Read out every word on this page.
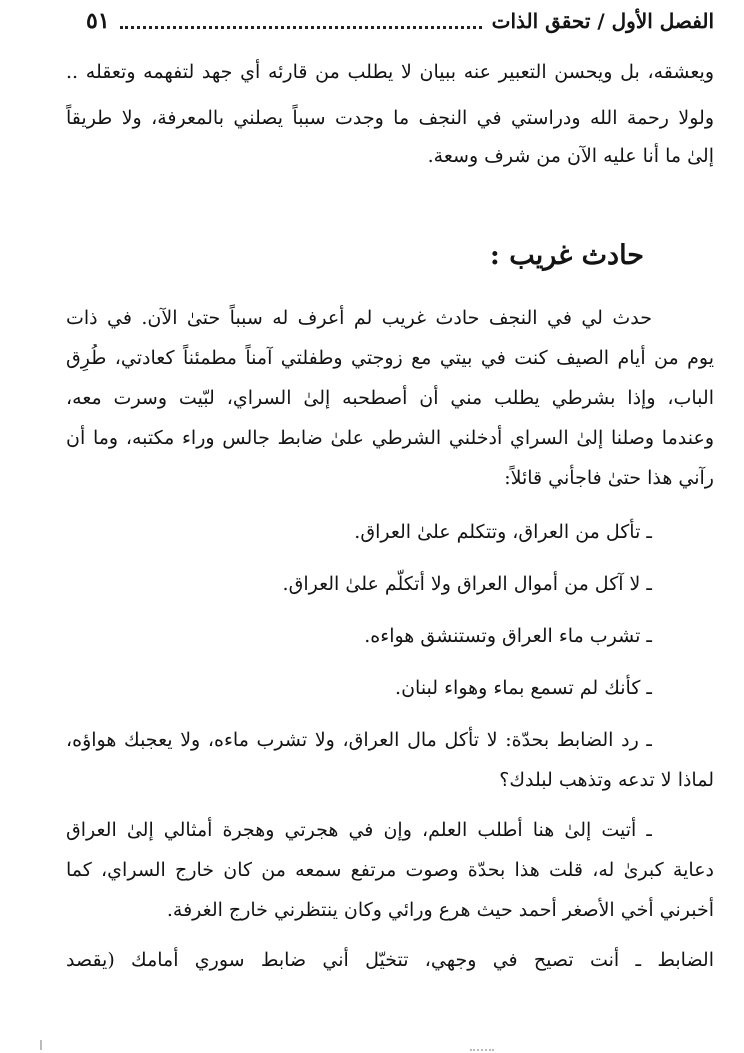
الفصل الأول / تحقق الذات
٥١
ويعشقه، بل ويحسن التعبير عنه ببيان لا يطلب من قارئه أي جهد لتفهمه وتعقله ..
ولولا رحمة الله ودراستي في النجف ما وجدت سبباً يصلني بالمعرفة، ولا طريقاً
إلىٰ ما أنا عليه الآن من شرف وسعة.
حادث غريب :
حدث لي في النجف حادث غريب لم أعرف له سبباً حتىٰ الآن. في ذات
يوم من أيام الصيف كنت في بيتي مع زوجتي وطفلتي آمناً مطمئناً كعادتي، طُرِق
الباب، وإذا بشرطي يطلب مني أن أصطحبه إلىٰ السراي، لبّيت وسرت معه،
وعندما وصلنا إلىٰ السراي أدخلني الشرطي علىٰ ضابط جالس وراء مكتبه، وما أن
رآني هذا حتىٰ فاجأني قائلاً:
ـ تأكل من العراق، وتتكلم علىٰ العراق.
ـ لا آكل من أموال العراق ولا أتكلّم علىٰ العراق.
ـ تشرب ماء العراق وتستنشق هواءه.
ـ كأنك لم تسمع بماء وهواء لبنان.
ـ رد الضابط بحدّة: لا تأكل مال العراق، ولا تشرب ماءه، ولا يعجبك هواؤه،
لماذا لا تدعه وتذهب لبلدك؟
ـ أتيت إلىٰ هنا أطلب العلم، وإن في هجرتي وهجرة أمثالي إلىٰ العراق
دعاية كبرىٰ له، قلت هذا بحدّة وصوت مرتفع سمعه من كان خارج السراي، كما
أخبرني أخي الأصغر أحمد حيث هرع ورائي وكان ينتظرني خارج الغرفة.
الضابط ـ أنت تصيح في وجهي، تتخيّل أني ضابط سوري أمامك (يقصد
